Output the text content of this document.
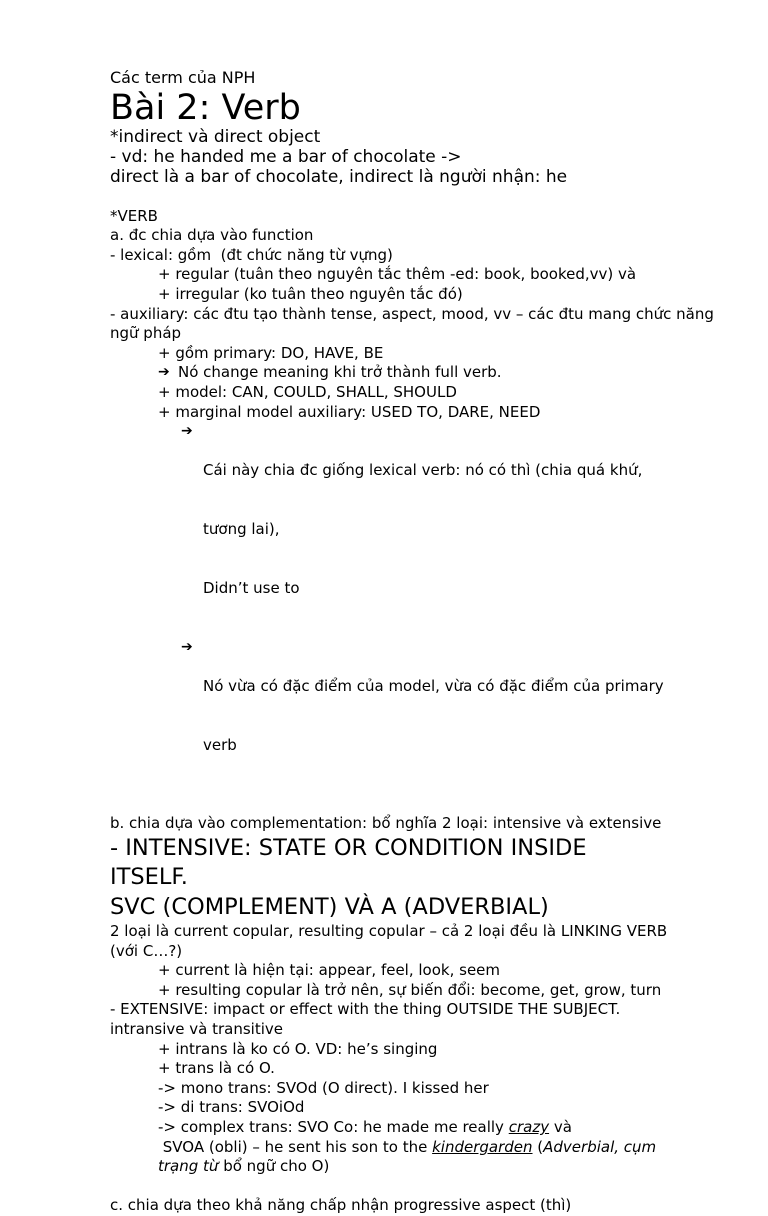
Các term của NPH
Bài 2: Verb
*indirect và direct object
- vd: he handed me a bar of chocolate ->
direct là a bar of chocolate, indirect là người nhận: he
*VERB
a. đc chia dựa vào function
- lexical: gồm  (đt chức năng từ vựng)
+ regular (tuân theo nguyên tắc thêm -ed: book, booked,vv) và
+ irregular (ko tuân theo nguyên tắc đó)
- auxiliary: các đtu tạo thành tense, aspect, mood, vv – các đtu mang chức năng ngữ pháp
+ gồm primary: DO, HAVE, BE
➔ Nó change meaning khi trở thành full verb.
+ model: CAN, COULD, SHALL, SHOULD
+ marginal model auxiliary: USED TO, DARE, NEED
➔

Cái này chia đc giống lexical verb: nó có thì (chia quá khứ,

tương lai),

Didn’t use to

➔

Nó vừa có đặc điểm của model, vừa có đặc điểm của primary

verb

b. chia dựa vào complementation: bổ nghĩa 2 loại: intensive và extensive
- INTENSIVE: STATE OR CONDITION INSIDE
ITSELF.
SVC (COMPLEMENT) VÀ A (ADVERBIAL)
2 loại là current copular, resulting copular – cả 2 loại đều là LINKING VERB
(với C…?)
+ current là hiện tại: appear, feel, look, seem
+ resulting copular là trở nên, sự biến đổi: become, get, grow, turn
- EXTENSIVE: impact or effect with the thing OUTSIDE THE SUBJECT.
intransive và transitive
+ intrans là ko có O. VD: he’s singing
+ trans là có O.
-> mono trans: SVOd (O direct). I kissed her
-> di trans: SVOiOd
-> complex trans: SVO Co: he made me really crazy và
SVOA (obli) – he sent his son to the kindergarden (Adverbial, cụm
trạng từ bổ ngữ cho O)
c. chia dựa theo khả năng chấp nhận progressive aspect (thì)
